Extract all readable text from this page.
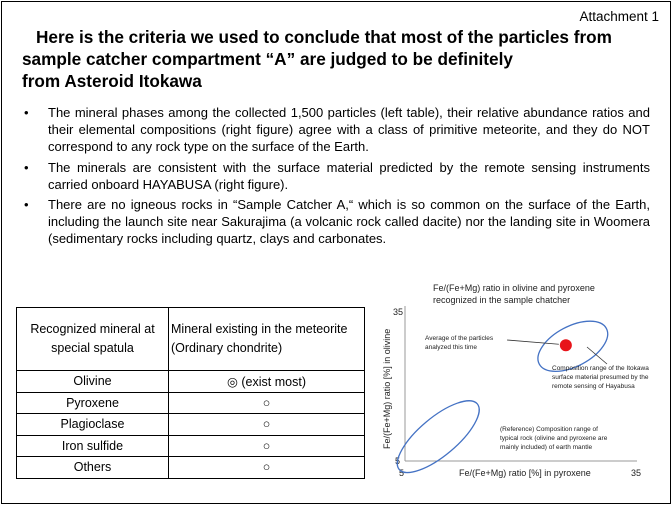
Attachment 1
Here is the criteria we used to conclude that most of the particles from
sample catcher compartment “A” are judged to be definitely
from Asteroid Itokawa
• The mineral phases among the collected 1,500 particles (left table), their relative abundance ratios and their elemental compositions (right figure) agree with a class of primitive meteorite, and they do NOT correspond to any rock type on the surface of the Earth.
• The minerals are consistent with the surface material predicted by the remote sensing instruments carried onboard HAYABUSA (right figure).
• There are no igneous rocks in “Sample Catcher A,“ which is so common on the surface of the Earth, including the launch site near Sakurajima (a volcanic rock called dacite) nor the landing site in Woomera (sedimentary rocks including quartz, clays and carbonates.
Recognized mineral at special spatula	Mineral existing in the meteorite (Ordinary chondrite)
Olivine	◎ (exist most)
Pyroxene	○
Plagioclase	○
Iron sulfide	○
Others	○
Fe/(Fe+Mg) ratio in olivine and pyroxene
recognized in the sample chatcher
35
5
5	35
Fe/(Fe+Mg) ratio [%] in pyroxene
Fe/(Fe+Mg) ratio [%] in olivine	Average of the particles
analyzed this time
Composition range of the Itokawa
surface material presumed by the
remote sensing of Hayabusa
(Reference) Composition range of
typical rock (olivine and pyroxene are
mainly included) of earth mantle
